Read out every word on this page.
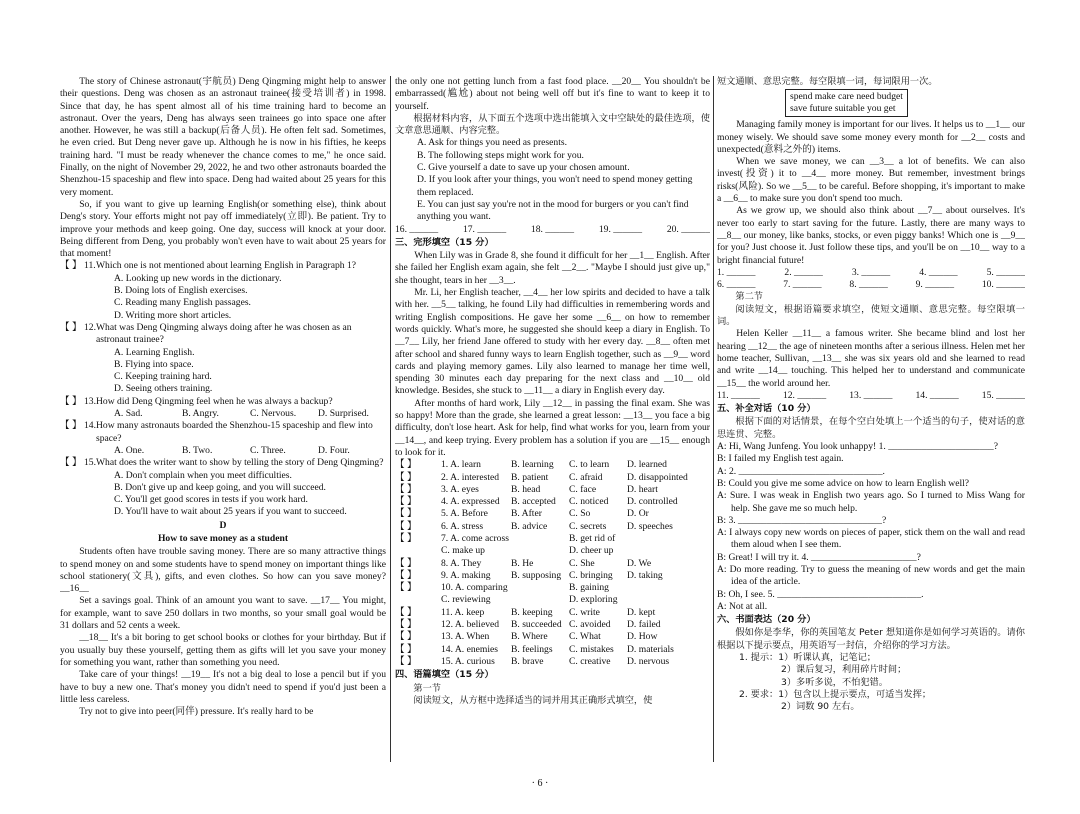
The story of Chinese astronaut(宇航员) Deng Qingming might help to answer their questions. Deng was chosen as an astronaut trainee(接受培训者) in 1998. Since that day, he has spent almost all of his time training hard to become an astronaut. Over the years, Deng has always seen trainees go into space one after another. However, he was still a backup(后备人员). He often felt sad. Sometimes, he even cried. But Deng never gave up. Although he is now in his fifties, he keeps training hard. "I must be ready whenever the chance comes to me," he once said. Finally, on the night of November 29, 2022, he and two other astronauts boarded the Shenzhou-15 spaceship and flew into space. Deng had waited about 25 years for this very moment.

So, if you want to give up learning English(or something else), think about Deng's story. Your efforts might not pay off immediately(立即). Be patient. Try to improve your methods and keep going. One day, success will knock at your door. Being different from Deng, you probably won't even have to wait about 25 years for that moment!

【 】 11. Which one is not mentioned about learning English in Paragraph 1?
A. Looking up new words in the dictionary.
B. Doing lots of English exercises.
C. Reading many English passages.
D. Writing more short articles.
【 】 12. What was Deng Qingming always doing after he was chosen as an astronaut trainee?
A. Learning English.
B. Flying into space.
C. Keeping training hard.
D. Seeing others training.
【 】 13. How did Deng Qingming feel when he was always a backup?
A. Sad.	B. Angry.	C. Nervous.	D. Surprised.
【 】 14. How many astronauts boarded the Shenzhou-15 spaceship and flew into space?
A. One.	B. Two.	C. Three.	D. Four.
【 】 15. What does the writer want to show by telling the story of Deng Qingming?
A. Don't complain when you meet difficulties.
B. Don't give up and keep going, and you will succeed.
C. You'll get good scores in tests if you work hard.
D. You'll have to wait about 25 years if you want to succeed.
D
How to save money as a student

Students often have trouble saving money. There are so many attractive things to spend money on and some students have to spend money on important things like school stationery(文具), gifts, and even clothes. So how can you save money? __16__

Set a savings goal. Think of an amount you want to save. __17__ You might, for example, want to save 250 dollars in two months, so your small goal would be 31 dollars and 52 cents a week.

__18__ It's a bit boring to get school books or clothes for your birthday. But if you usually buy these yourself, getting them as gifts will let you save your money for something you want, rather than something you need.

Take care of your things! __19__ It's not a big deal to lose a pencil but if you have to buy a new one. That's money you didn't need to spend if you'd just been a little less careless.

Try not to give into peer(同伴) pressure. It's really hard to be

the only one not getting lunch from a fast food place. __20__ You shouldn't be embarrassed(尴尬) about not being well off but it's fine to want to keep it to yourself.

根据材料内容，从下面五个选项中选出能填入文中空缺处的最佳选项，使文章意思通顺、内容完整。

A. Ask for things you need as presents.
B. The following steps might work for you.
C. Give yourself a date to save up your chosen amount.
D. If you look after your things, you won't need to spend money getting them replaced.
E. You can just say you're not in the mood for burgers or you can't find anything you want.
16. ______	17. ______	18. ______	19. ______	20. ______
三、完形填空（15 分）

When Lily was in Grade 8, she found it difficult for her __1__ English. After she failed her English exam again, she felt __2__. "Maybe I should just give up," she thought, tears in her __3__.

Mr. Li, her English teacher, __4__ her low spirits and decided to have a talk with her. __5__ talking, he found Lily had difficulties in remembering words and writing English compositions. He gave her some __6__ on how to remember words quickly. What's more, he suggested she should keep a diary in English. To __7__ Lily, her friend Jane offered to study with her every day. __8__ often met after school and shared funny ways to learn English together, such as __9__ word cards and playing memory games. Lily also learned to manage her time well, spending 30 minutes each day preparing for the next class and __10__ old knowledge. Besides, she stuck to __11__ a diary in English every day.

After months of hard work, Lily __12__ in passing the final exam. She was so happy! More than the grade, she learned a great lesson: __13__ you face a big difficulty, don't lose heart. Ask for help, find what works for you, learn from your __14__, and keep trying. Every problem has a solution if you are __15__ enough to look for it.

【 】	1. A. learn	B. learning	C. to learn	D. learned
【 】	2. A. interested	B. patient	C. afraid	D. disappointed
【 】	3. A. eyes	B. head	C. face	D. heart
【 】	4. A. expressed	B. accepted	C. noticed	D. controlled
【 】	5. A. Before	B. After	C. So	D. Or
【 】	6. A. stress	B. advice	C. secrets	D. speeches
【 】	7. A. come across	B. get rid of
C. make up	D. cheer up
【 】	8. A. They	B. He	C. She	D. We
【 】	9. A. making	B. supposing C. bringing	D. taking
【 】	10. A. comparing	B. gaining
C. reviewing	D. exploring
【 】	11. A. keep	B. keeping	C. write	D. kept
【 】	12. A. believed	B. succeeded C. avoided	D. failed
【 】	13. A. When	B. Where	C. What	D. How
【 】	14. A. enemies	B. feelings	C. mistakes	D. materials
【 】	15. A. curious	B. brave	C. creative	D. nervous
四、语篇填空（15 分）
第一节

阅读短文，从方框中选择适当的词并用其正确形式填空，使

短文通顺、意思完整。每空限填一词，每词限用一次。

spend make care need budget
save future suitable you get

Managing family money is important for our lives. It helps us to __1__ our money wisely. We should save some money every month for __2__ costs and unexpected(意料之外的) items.

When we save money, we can __3__ a lot of benefits. We can also invest(投资) it to __4__ more money. But remember, investment brings risks(风险). So we __5__ to be careful. Before shopping, it's important to make a __6__ to make sure you don't spend too much.

As we grow up, we should also think about __7__ about ourselves. It's never too early to start saving for the future. Lastly, there are many ways to __8__ our money, like banks, stocks, or even piggy banks! Which one is __9__ for you? Just choose it. Just follow these tips, and you'll be on __10__ way to a bright financial future!

1. ______	2. ______	3. ______	4. ______	5. ______
6. ______	7. ______	8. ______	9. ______	10. ______
第二节

阅读短文，根据语篇要求填空，使短文通顺、意思完整。每空限填一词。

Helen Keller __11__ a famous writer. She became blind and lost her hearing __12__ the age of nineteen months after a serious illness. Helen met her home teacher, Sullivan, __13__ she was six years old and she learned to read and write __14__ touching. This helped her to understand and communicate __15__ the world around her.

11. ______ 12. ______ 13. ______ 14. ______ 15. ______
五、补全对话（10 分）

根据下面的对话情景，在每个空白处填上一个适当的句子，使对话的意思连贯、完整。

A: Hi, Wang Junfeng. You look unhappy! 1. ______________________?

B: I failed my English test again.

A: 2. ______________________________.

B: Could you give me some advice on how to learn English well?

A: Sure. I was weak in English two years ago. So I turned to Miss Wang for help. She gave me so much help.

B: 3. ______________________________?

A: I always copy new words on pieces of paper, stick them on the wall and read them aloud when I see them.

B: Great! I will try it. 4. ______________________?

A: Do more reading. Try to guess the meaning of new words and get the main idea of the article.

B: Oh, I see. 5. ______________________________.

A: Not at all.

六、书面表达（20 分）

假如你是李华，你的英国笔友 Peter 想知道你是如何学习英语的。请你根据以下提示要点，用英语写一封信，介绍你的学习方法。

1. 提示：1）听课认真，记笔记；
2）课后复习，利用碎片时间；
3）多听多说，不怕犯错。
2. 要求：1）包含以上提示要点，可适当发挥；
2）词数 90 左右。
· 6 ·
